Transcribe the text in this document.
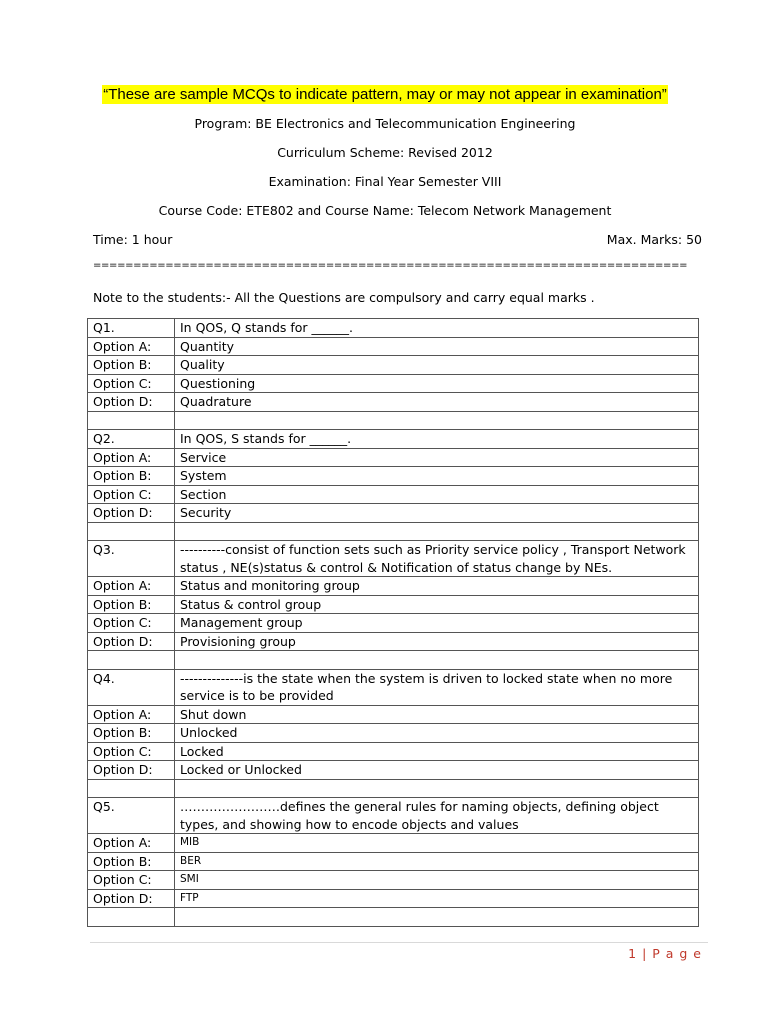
“These are sample MCQs to indicate pattern, may or may not appear in examination”
Program: BE Electronics and Telecommunication Engineering
Curriculum Scheme: Revised 2012
Examination: Final Year Semester VIII
Course Code: ETE802 and Course Name: Telecom Network Management
Time: 1 hour	Max. Marks: 50
==========================================================================
Note to the students:- All the Questions are compulsory and carry equal marks .
Q1.	In QOS, Q stands for ______.
Option A:	Quantity
Option B:	Quality
Option C:	Questioning
Option D:	Quadrature

Q2.	In QOS, S stands for ______.
Option A:	Service
Option B:	System
Option C:	Section
Option D:	Security

Q3.	----------consist of function sets such as Priority service policy , Transport Network status , NE(s)status & control & Notification of status change by NEs.
Option A:	Status and monitoring group
Option B:	Status & control group
Option C:	Management group
Option D:	Provisioning group

Q4.	--------------is the state when the system is driven to locked state when no more service is to be provided
Option A:	Shut down
Option B:	Unlocked
Option C:	Locked
Option D:	Locked or Unlocked

Q5.	……………………defines the general rules for naming objects, defining object types, and showing how to encode objects and values
Option A:	MIB
Option B:	BER
Option C:	SMI
Option D:	FTP

1 | P a g e
